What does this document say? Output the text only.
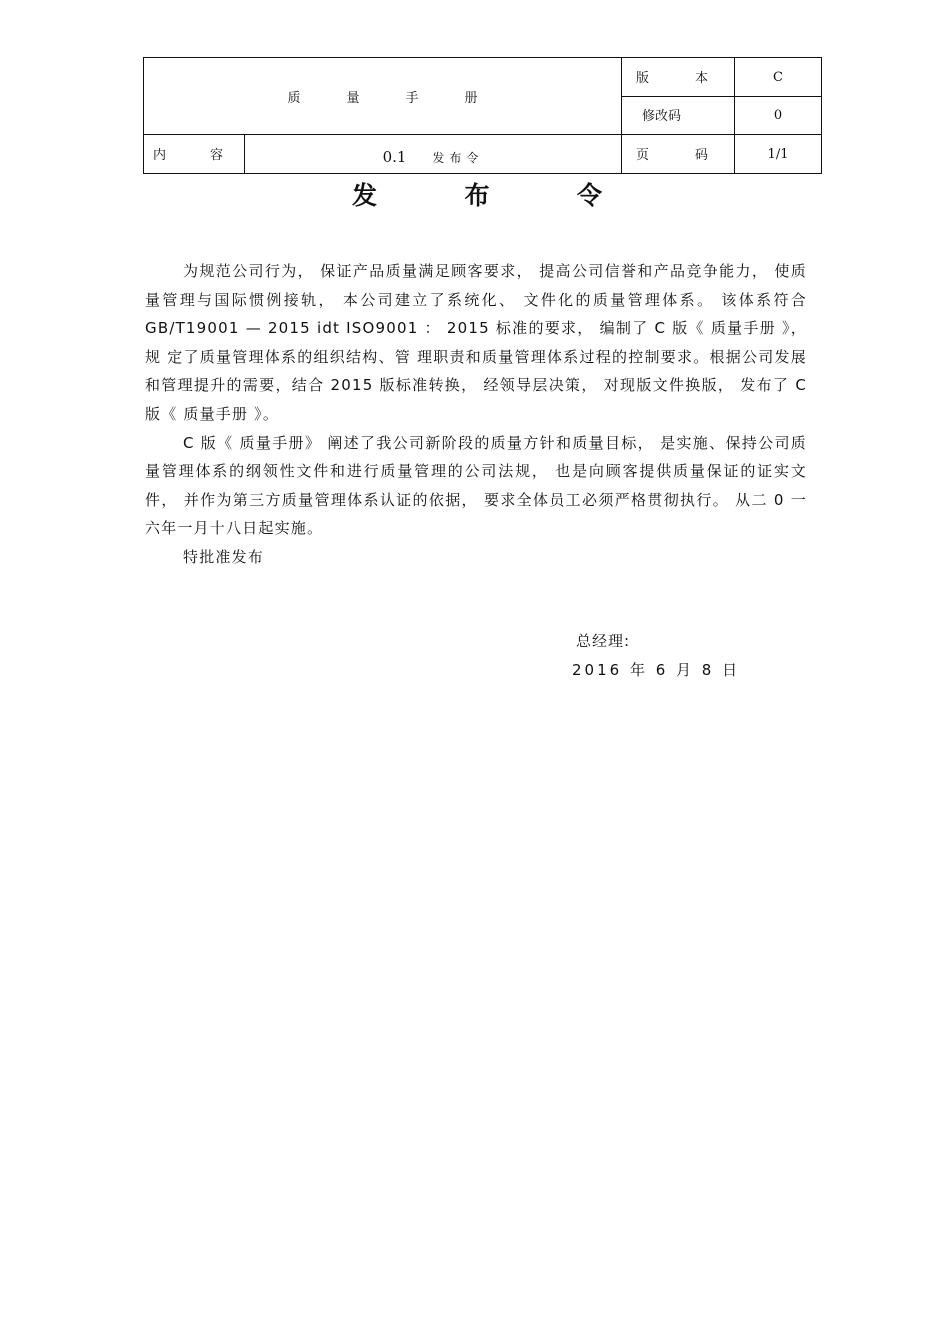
质量手册		版 本	C
		修改码	0

内 容	0.1 发布令	页 码	1/1
发	布	令

为规范公司行为， 保证产品质量满足顾客要求， 提高公司信誉和产品竞争能力， 使质量管理与国际惯例接轨， 本公司建立了系统化、 文件化的质量管理体系。 该体系符合 GB/T19001 — 2015 idt ISO9001 ： 2015 标准的要求， 编制了 C 版《 质量手册 》，规 定了质量管理体系的组织结构、管 理职责和质量管理体系过程的控制要求。根据公司发展和管理提升的需要，结合 2015 版标准转换， 经领导层决策， 对现版文件换版， 发布了 C 版《 质量手册 》。

C 版《 质量手册》 阐述了我公司新阶段的质量方针和质量目标， 是实施、保持公司质量管理体系的纲领性文件和进行质量管理的公司法规， 也是向顾客提供质量保证的证实文件， 并作为第三方质量管理体系认证的依据， 要求全体员工必须严格贯彻执行。 从二 0 一六年一月十八日起实施。

特批准发布

总经理:
2016 年 6 月 8 日
